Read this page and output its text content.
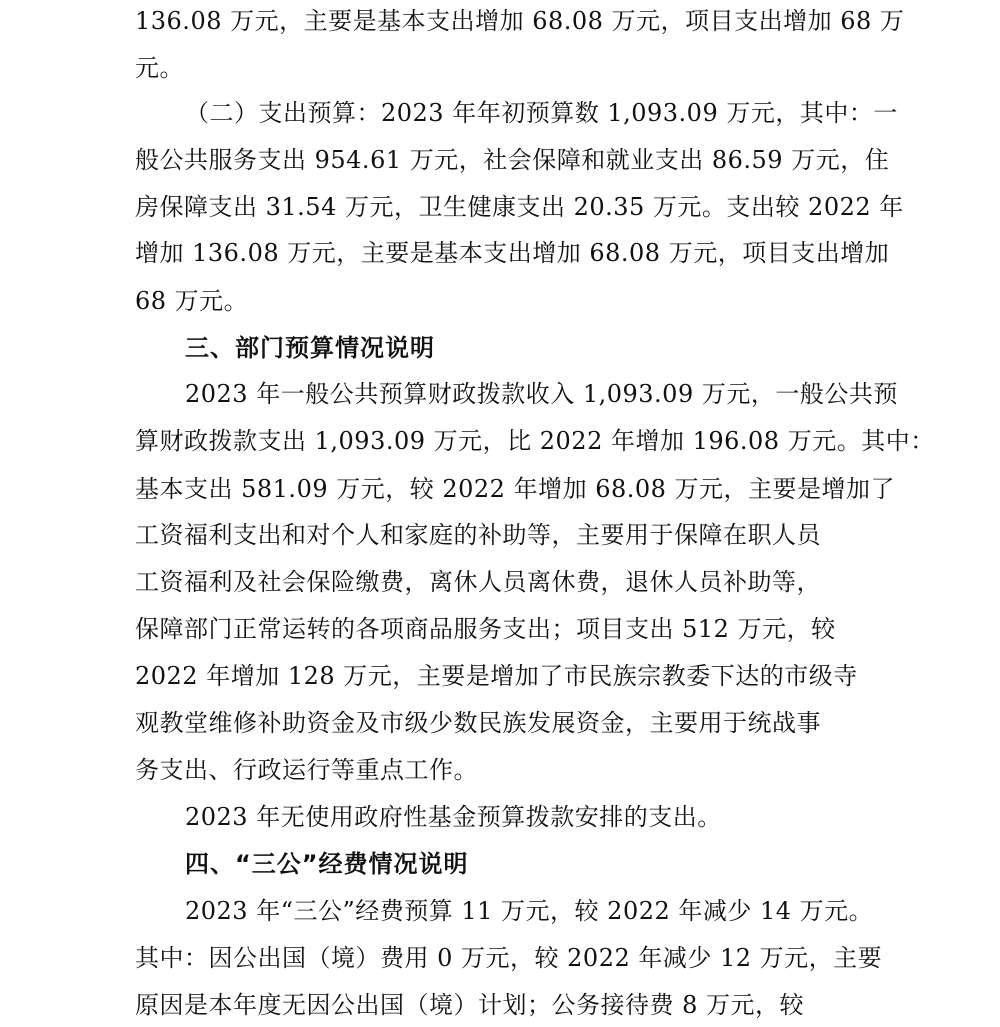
136.08 万元，主要是基本支出增加 68.08 万元，项目支出增加 68 万

元。

（二）支出预算：2023 年年初预算数 1,093.09 万元，其中：一

般公共服务支出 954.61 万元，社会保障和就业支出 86.59 万元，住

房保障支出 31.54 万元，卫生健康支出 20.35 万元。支出较 2022 年

增加 136.08 万元，主要是基本支出增加 68.08 万元，项目支出增加

68 万元。

三、部门预算情况说明

2023 年一般公共预算财政拨款收入 1,093.09 万元，一般公共预

算财政拨款支出 1,093.09 万元，比 2022 年增加 196.08 万元。其中：

基本支出 581.09 万元，较 2022 年增加 68.08 万元，主要是增加了

工资福利支出和对个人和家庭的补助等，主要用于保障在职人员

工资福利及社会保险缴费，离休人员离休费，退休人员补助等，

保障部门正常运转的各项商品服务支出；项目支出 512 万元，较

2022 年增加 128 万元，主要是增加了市民族宗教委下达的市级寺

观教堂维修补助资金及市级少数民族发展资金，主要用于统战事

务支出、行政运行等重点工作。

2023 年无使用政府性基金预算拨款安排的支出。

四、“三公”经费情况说明

2023 年“三公”经费预算 11 万元，较 2022 年减少 14 万元。

其中：因公出国（境）费用 0 万元，较 2022 年减少 12 万元，主要

原因是本年度无因公出国（境）计划；公务接待费 8 万元，较
